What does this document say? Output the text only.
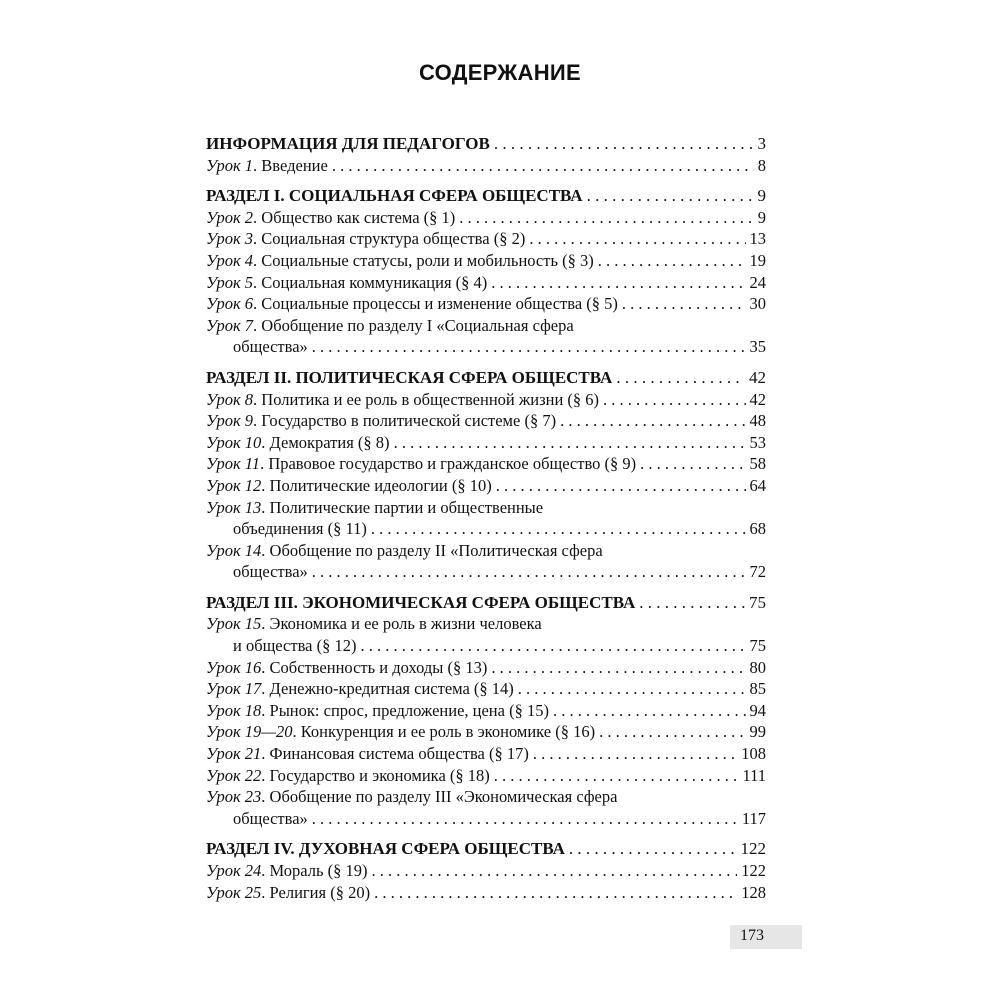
СОДЕРЖАНИЕ
ИНФОРМАЦИЯ ДЛЯ ПЕДАГОГОВ . . .	3
Урок 1. Введение . . .	8
РАЗДЕЛ I. СОЦИАЛЬНАЯ СФЕРА ОБЩЕСТВА . . .	9
Урок 2. Общество как система (§ 1) . . .	9
Урок 3. Социальная структура общества (§ 2) . . .	13
Урок 4. Социальные статусы, роли и мобильность (§ 3) . . .	19
Урок 5. Социальная коммуникация (§ 4) . . .	24
Урок 6. Социальные процессы и изменение общества (§ 5) . . .	30
Урок 7. Обобщение по разделу I «Социальная сфера
общества» . . .	35
РАЗДЕЛ II. ПОЛИТИЧЕСКАЯ СФЕРА ОБЩЕСТВА . . .	42
Урок 8. Политика и ее роль в общественной жизни (§ 6) . . .	42
Урок 9. Государство в политической системе (§ 7) . . .	48
Урок 10. Демократия (§ 8) . . .	53
Урок 11. Правовое государство и гражданское общество (§ 9) . . .	58
Урок 12. Политические идеологии (§ 10) . . .	64
Урок 13. Политические партии и общественные
объединения (§ 11) . . .	68
Урок 14. Обобщение по разделу II «Политическая сфера
общества» . . .	72
РАЗДЕЛ III. ЭКОНОМИЧЕСКАЯ СФЕРА ОБЩЕСТВА . . .	75
Урок 15. Экономика и ее роль в жизни человека
и общества (§ 12) . . .	75
Урок 16. Собственность и доходы (§ 13) . . .	80
Урок 17. Денежно-кредитная система (§ 14) . . .	85
Урок 18. Рынок: спрос, предложение, цена (§ 15) . . .	94
Урок 19—20. Конкуренция и ее роль в экономике (§ 16) . . .	99
Урок 21. Финансовая система общества (§ 17) . . .	108
Урок 22. Государство и экономика (§ 18) . . .	111
Урок 23. Обобщение по разделу III «Экономическая сфера
общества» . . .	117
РАЗДЕЛ IV. ДУХОВНАЯ СФЕРА ОБЩЕСТВА . . .	122
Урок 24. Мораль (§ 19) . . .	122
Урок 25. Религия (§ 20) . . .	128
173
